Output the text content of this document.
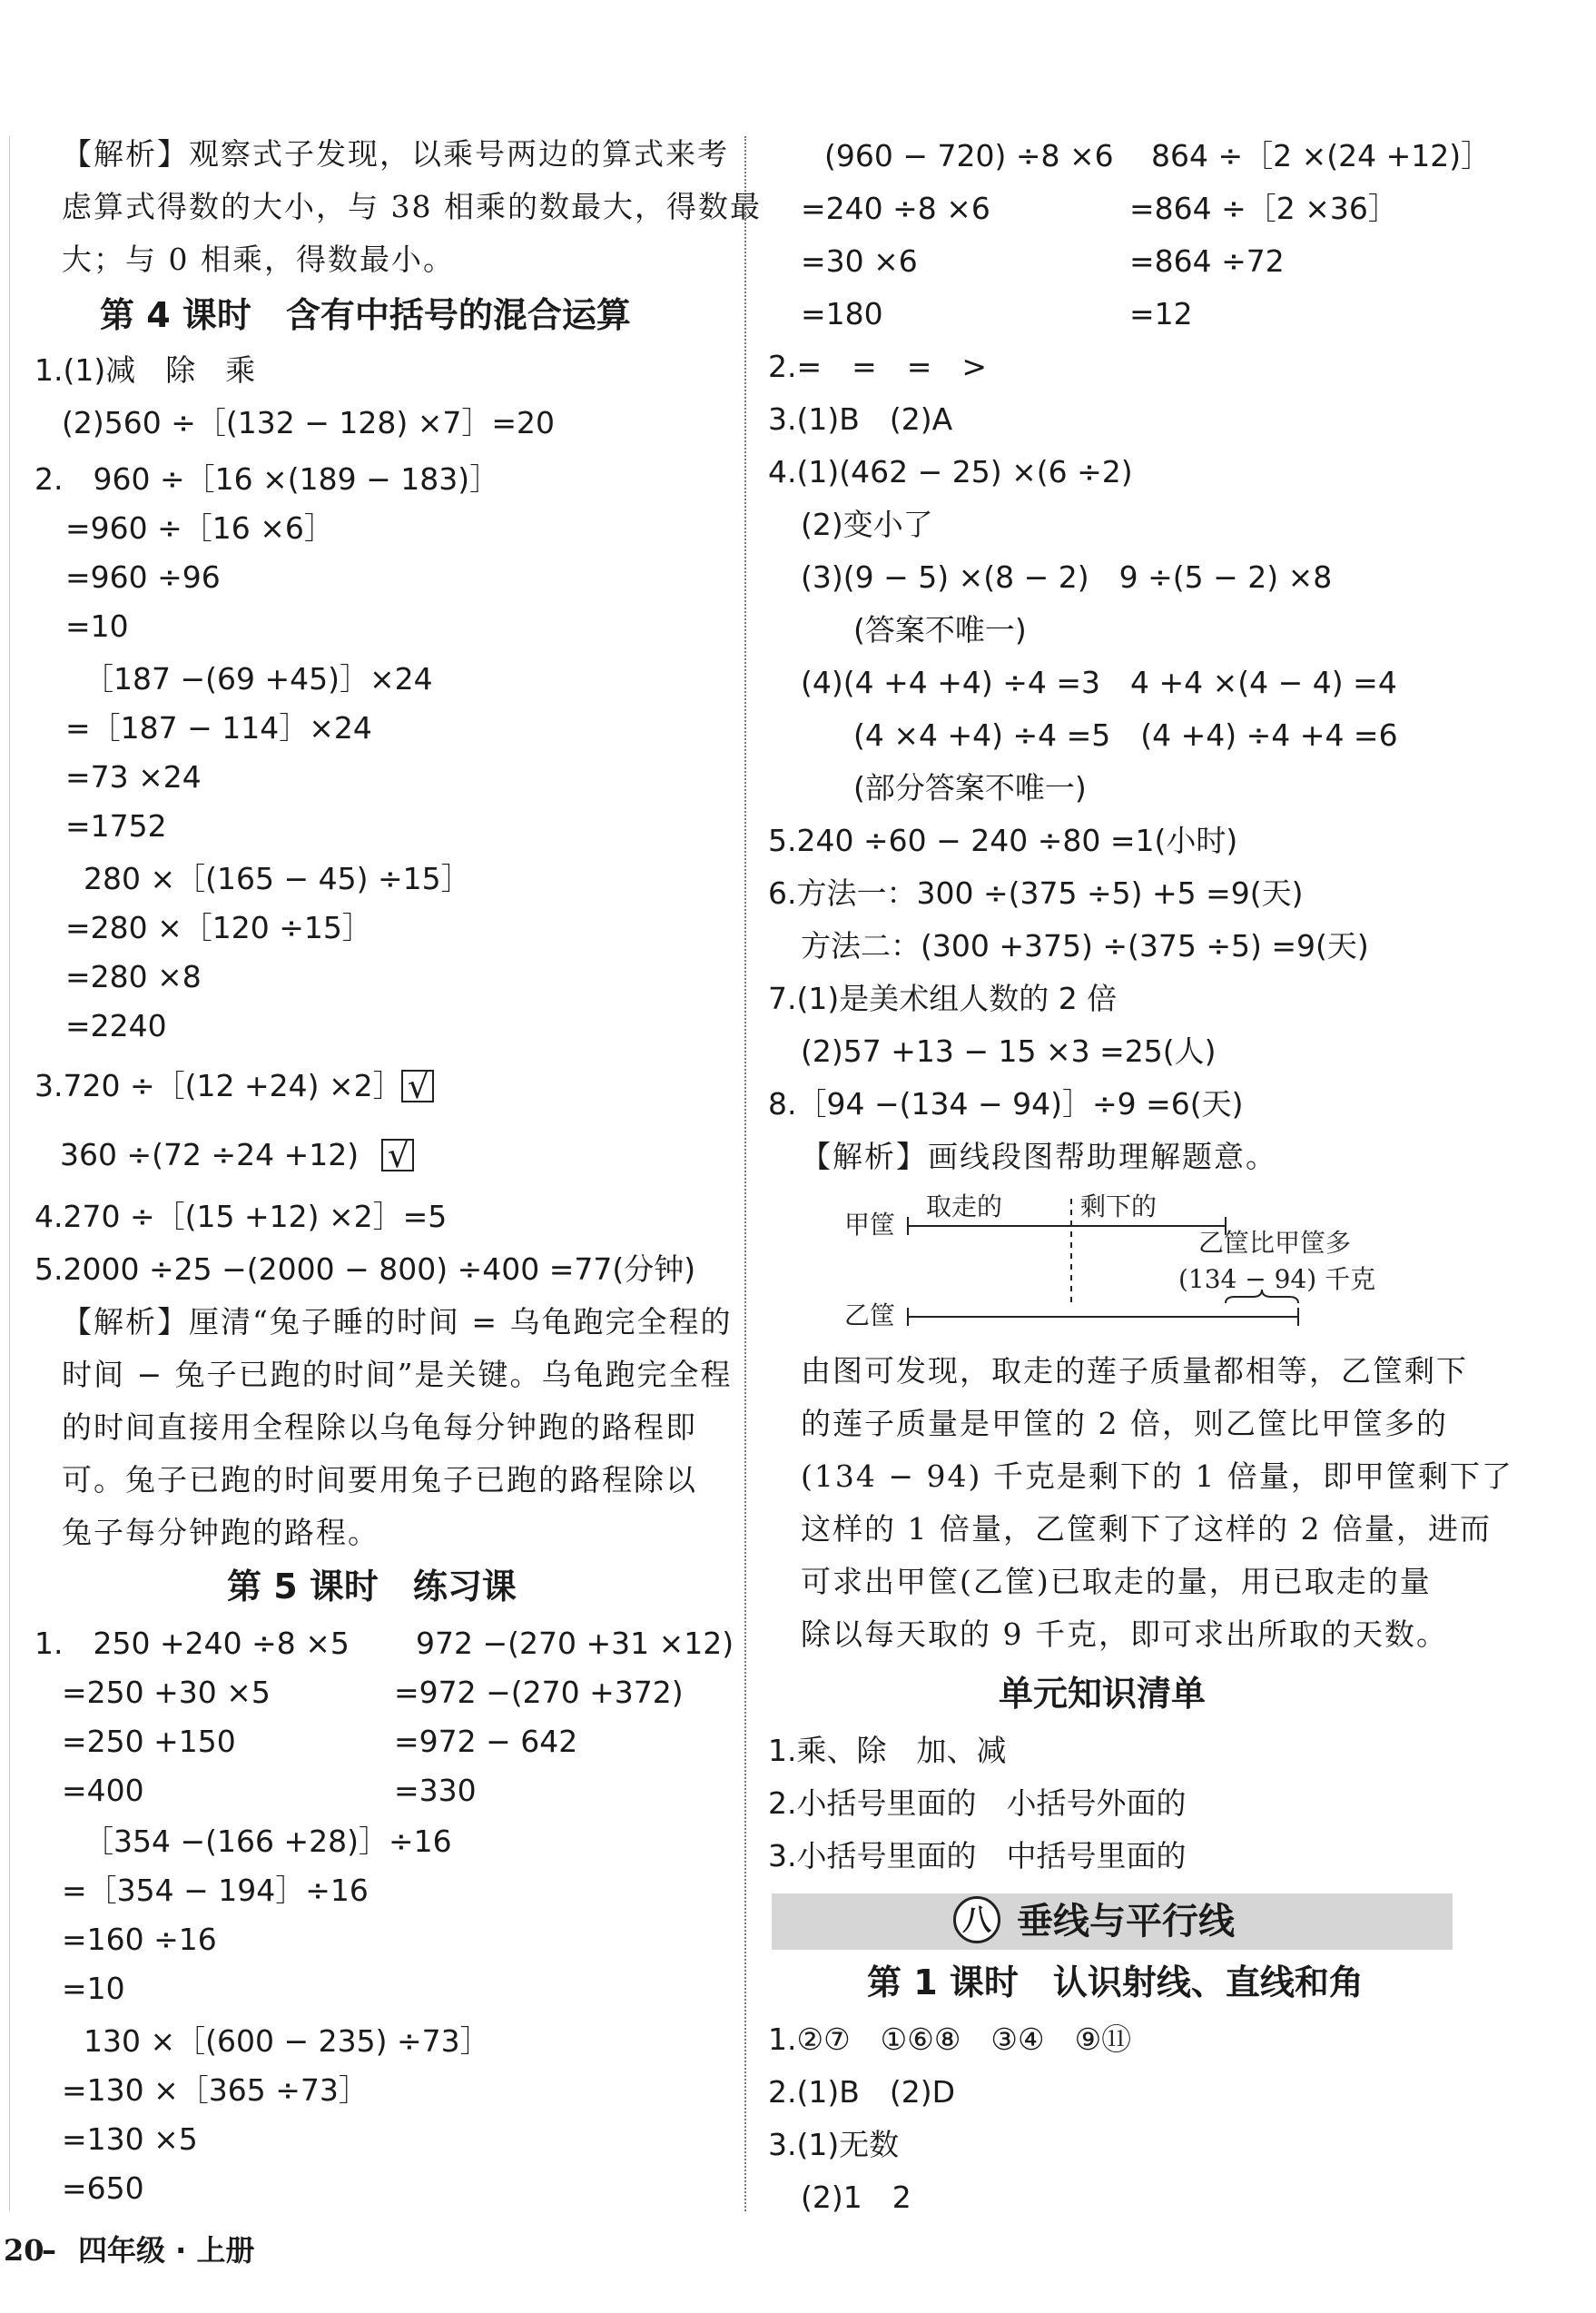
【解析】观察式子发现，以乘号两边的算式来考
虑算式得数的大小，与 38 相乘的数最大，得数最
大；与 0 相乘，得数最小。
第 4 课时　含有中括号的混合运算
1.(1)减　除　乘
(2)560 ÷［(132 − 128) ×7］=20
2.　960 ÷［16 ×(189 − 183)］
=960 ÷［16 ×6］
=960 ÷96
=10
［187 −(69 +45)］×24
=［187 − 114］×24
=73 ×24
=1752
280 ×［(165 − 45) ÷15］
=280 ×［120 ÷15］
=280 ×8
=2240
3.720 ÷［(12 +24) ×2］ √
360 ÷(72 ÷24 +12) √
4.270 ÷［(15 +12) ×2］=5
5.2000 ÷25 −(2000 − 800) ÷400 =77(分钟)
【解析】厘清“兔子睡的时间 = 乌龟跑完全程的
时间 − 兔子已跑的时间”是关键。乌龟跑完全程
的时间直接用全程除以乌龟每分钟跑的路程即
可。兔子已跑的时间要用兔子已跑的路程除以
兔子每分钟跑的路程。
第 5 课时　练习课
1.　250 +240 ÷8 ×5
=250 +30 ×5
=250 +150
=400
972 −(270 +31 ×12)
=972 −(270 +372)
=972 − 642
=330
［354 −(166 +28)］÷16
=［354 − 194］÷16
=160 ÷16
=10
130 ×［(600 − 235) ÷73］
=130 ×［365 ÷73］
=130 ×5
=650
(960 − 720) ÷8 ×6
=240 ÷8 ×6
=30 ×6
=180
864 ÷［2 ×(24 +12)］
=864 ÷［2 ×36］
=864 ÷72
=12
2.=　=　=　>
3.(1)B　(2)A
4.(1)(462 − 25) ×(6 ÷2)
(2)变小了
(3)(9 − 5) ×(8 − 2)　9 ÷(5 − 2) ×8
(答案不唯一)
(4)(4 +4 +4) ÷4 =3　4 +4 ×(4 − 4) =4
(4 ×4 +4) ÷4 =5　(4 +4) ÷4 +4 =6
(部分答案不唯一)
5.240 ÷60 − 240 ÷80 =1(小时)
6.方法一：300 ÷(375 ÷5) +5 =9(天)
方法二：(300 +375) ÷(375 ÷5) =9(天)
7.(1)是美术组人数的 2 倍
(2)57 +13 − 15 ×3 =25(人)
8.［94 −(134 − 94)］÷9 =6(天)
【解析】画线段图帮助理解题意。
甲筐
乙筐
取走的	剩下的
乙筐比甲筐多
(134 − 94) 千克
由图可发现，取走的莲子质量都相等，乙筐剩下
的莲子质量是甲筐的 2 倍，则乙筐比甲筐多的
(134 − 94) 千克是剩下的 1 倍量，即甲筐剩下了
这样的 1 倍量，乙筐剩下了这样的 2 倍量，进而
可求出甲筐(乙筐)已取走的量，用已取走的量
除以每天取的 9 千克，即可求出所取的天数。
单元知识清单
1.乘、除　加、减
2.小括号里面的　小括号外面的
3.小括号里面的　中括号里面的
八 垂线与平行线
第 1 课时　认识射线、直线和角
1.②⑦　①⑥⑧　③④　⑨⑪
2.(1)B　(2)D
3.(1)无数
(2)1　2
20
– 四年级 · 上册
